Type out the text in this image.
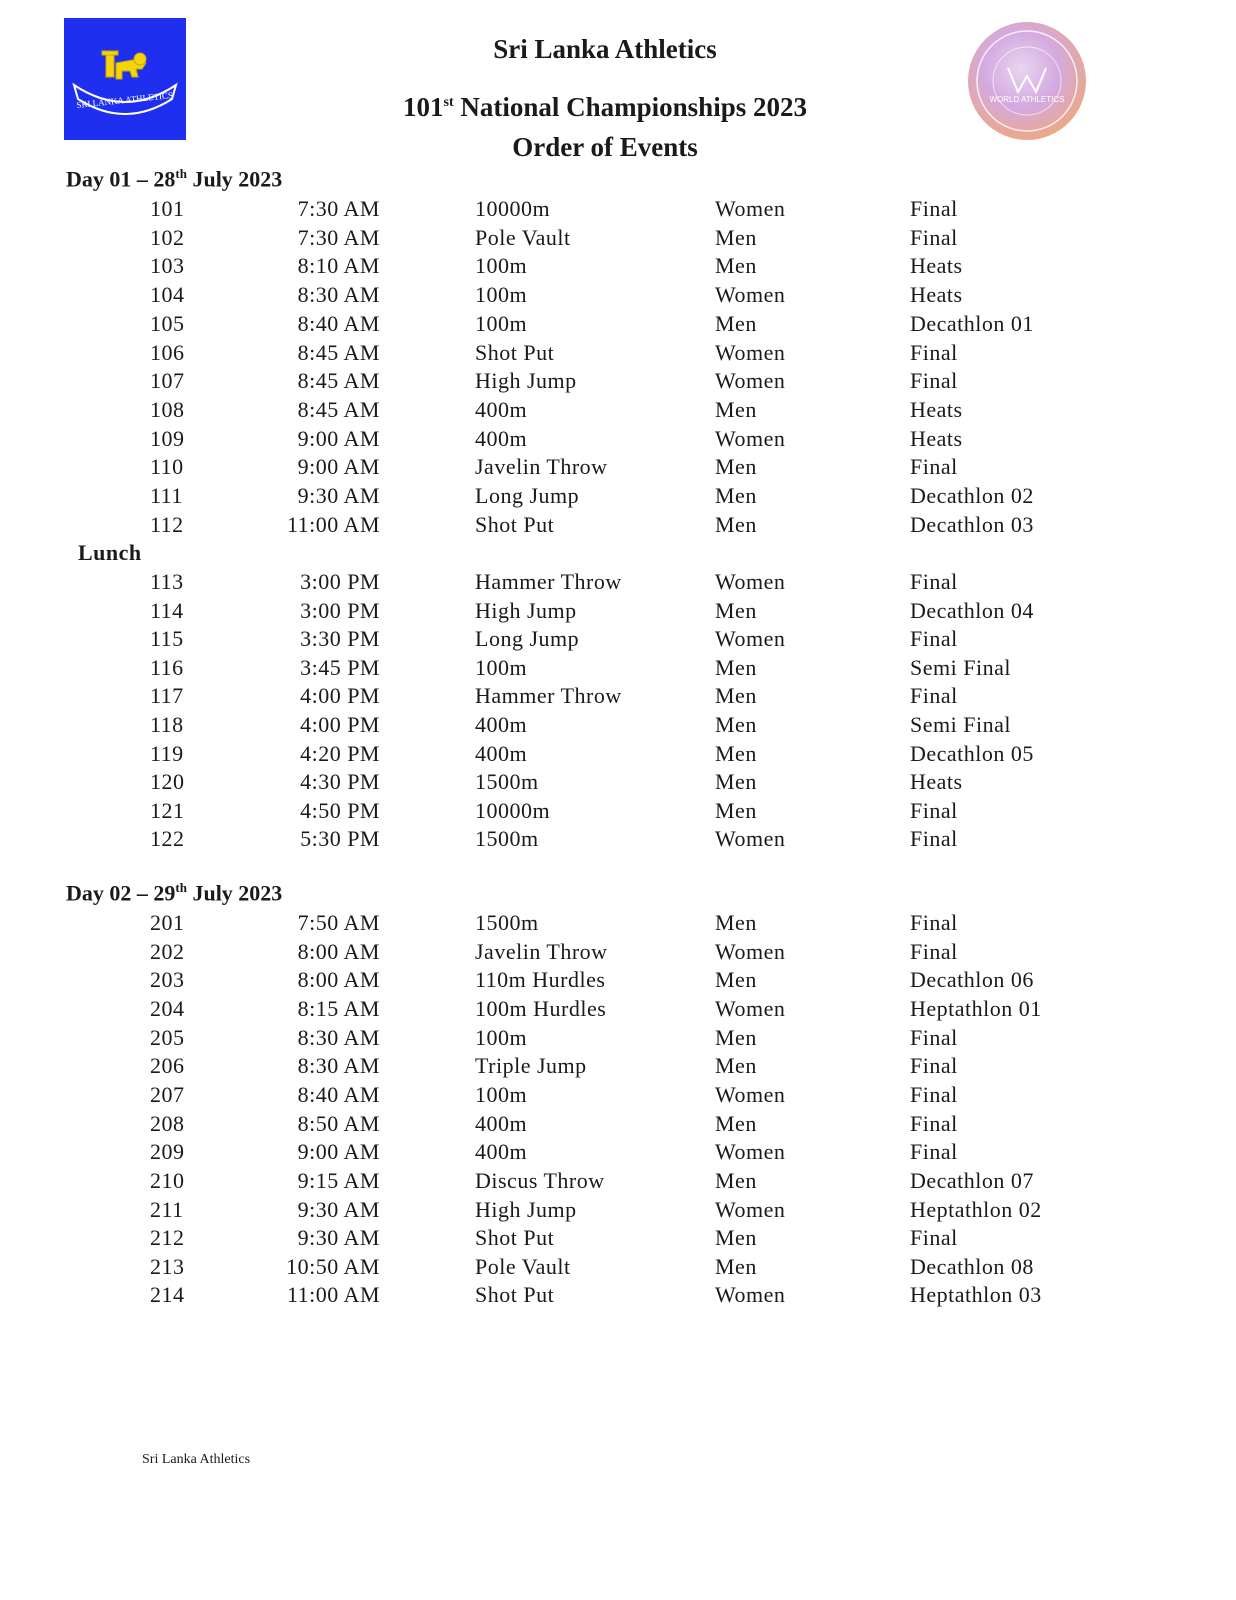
SRI LANKA ATHLETICS	WORLD ATHLETICS
Sri Lanka Athletics
101st National Championships 2023
Order of Events
Day 01 – 28th July 2023
101	7:30 AM	10000m	Women	Final
102	7:30 AM	Pole Vault	Men	Final
103	8:10 AM	100m	Men	Heats
104	8:30 AM	100m	Women	Heats
105	8:40 AM	100m	Men	Decathlon 01
106	8:45 AM	Shot Put	Women	Final
107	8:45 AM	High Jump	Women	Final
108	8:45 AM	400m	Men	Heats
109	9:00 AM	400m	Women	Heats
110	9:00 AM	Javelin Throw	Men	Final
111	9:30 AM	Long Jump	Men	Decathlon 02
112	11:00 AM	Shot Put	Men	Decathlon 03
Lunch
113	3:00 PM	Hammer Throw	Women	Final
114	3:00 PM	High Jump	Men	Decathlon 04
115	3:30 PM	Long Jump	Women	Final
116	3:45 PM	100m	Men	Semi Final
117	4:00 PM	Hammer Throw	Men	Final
118	4:00 PM	400m	Men	Semi Final
119	4:20 PM	400m	Men	Decathlon 05
120	4:30 PM	1500m	Men	Heats
121	4:50 PM	10000m	Men	Final
122	5:30 PM	1500m	Women	Final
Day 02 – 29th July 2023
201	7:50 AM	1500m	Men	Final
202	8:00 AM	Javelin Throw	Women	Final
203	8:00 AM	110m Hurdles	Men	Decathlon 06
204	8:15 AM	100m Hurdles	Women	Heptathlon 01
205	8:30 AM	100m	Men	Final
206	8:30 AM	Triple Jump	Men	Final
207	8:40 AM	100m	Women	Final
208	8:50 AM	400m	Men	Final
209	9:00 AM	400m	Women	Final
210	9:15 AM	Discus Throw	Men	Decathlon 07
211	9:30 AM	High Jump	Women	Heptathlon 02
212	9:30 AM	Shot Put	Men	Final
213	10:50 AM	Pole Vault	Men	Decathlon 08
214	11:00 AM	Shot Put	Women	Heptathlon 03
Sri Lanka Athletics
